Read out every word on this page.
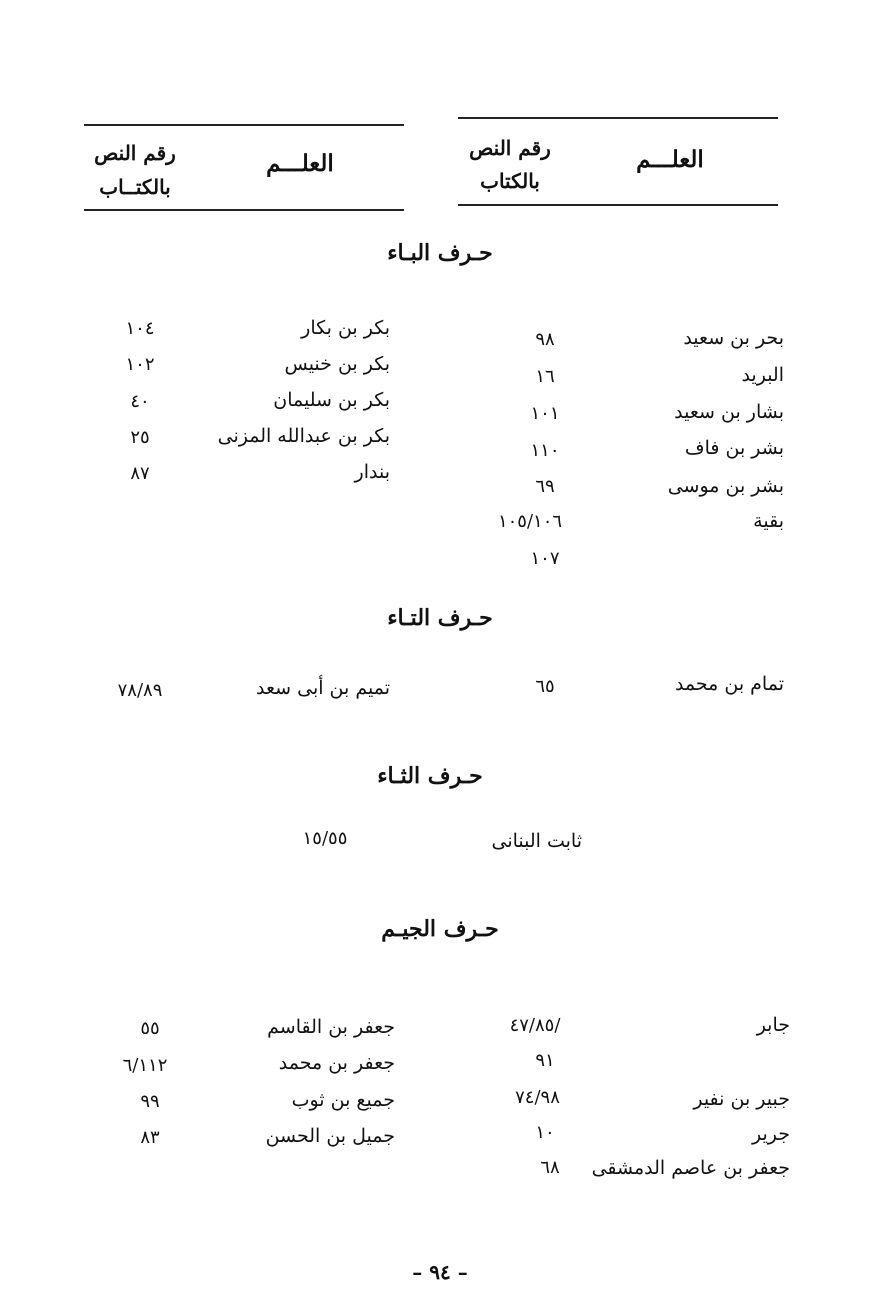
العلـــم
رقم النص
بالكتــاب
العلـــم
رقم النص
بالكتاب
حـرف البـاء
بحر بن سعيد
٩٨
البريد
١٦
بشار بن سعيد
١٠١
بشر بن فاف
١١٠
بشر بن موسى
٦٩
بقية
١٠٥/١٠٦
١٠٧
بكر بن بكار
١٠٤
بكر بن خنيس
١٠٢
بكر بن سليمان
٤٠
بكر بن عبدالله المزنى
٢٥
بندار
٨٧
حـرف التـاء
تمام بن محمد
٦٥
تميم بن أبى سعد
٧٨/٨٩
حـرف الثـاء
ثابت البنانى
١٥/٥٥
حـرف الجيـم
جابر
٤٧/٨٥/
٩١
جبير بن نفير
٧٤/٩٨
جرير
١٠
جعفر بن عاصم الدمشقى
٦٨
جعفر بن القاسم
٥٥
جعفر بن محمد
٦/١١٢
جميع بن ثوب
٩٩
جميل بن الحسن
٨٣
– ٩٤ –
